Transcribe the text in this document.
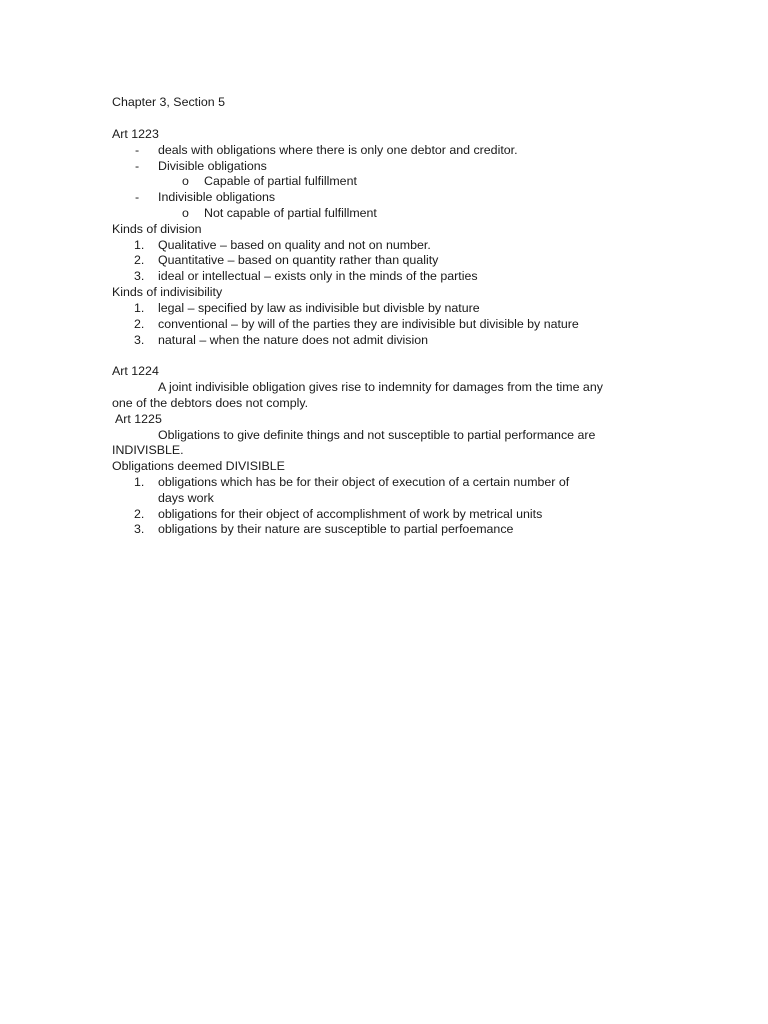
Chapter 3, Section 5
Art 1223
- deals with obligations where there is only one debtor and creditor.
- Divisible obligations
o Capable of partial fulfillment
- Indivisible obligations
o Not capable of partial fulfillment
Kinds of division
1. Qualitative – based on quality and not on number.
2. Quantitative – based on quantity rather than quality
3. ideal or intellectual – exists only in the minds of the parties
Kinds of indivisibility
1. legal – specified by law as indivisible but divisble by nature
2. conventional – by will of the parties they are indivisible but divisible by nature
3. natural – when the nature does not admit division
Art 1224
A joint indivisible obligation gives rise to indemnity for damages from the time any
one of the debtors does not comply.
Art 1225
Obligations to give definite things and not susceptible to partial performance are
INDIVISBLE.
Obligations deemed DIVISIBLE
1. obligations which has be for their object of execution of a certain number of
days work
2. obligations for their object of accomplishment of work by metrical units
3. obligations by their nature are susceptible to partial perfoemance
